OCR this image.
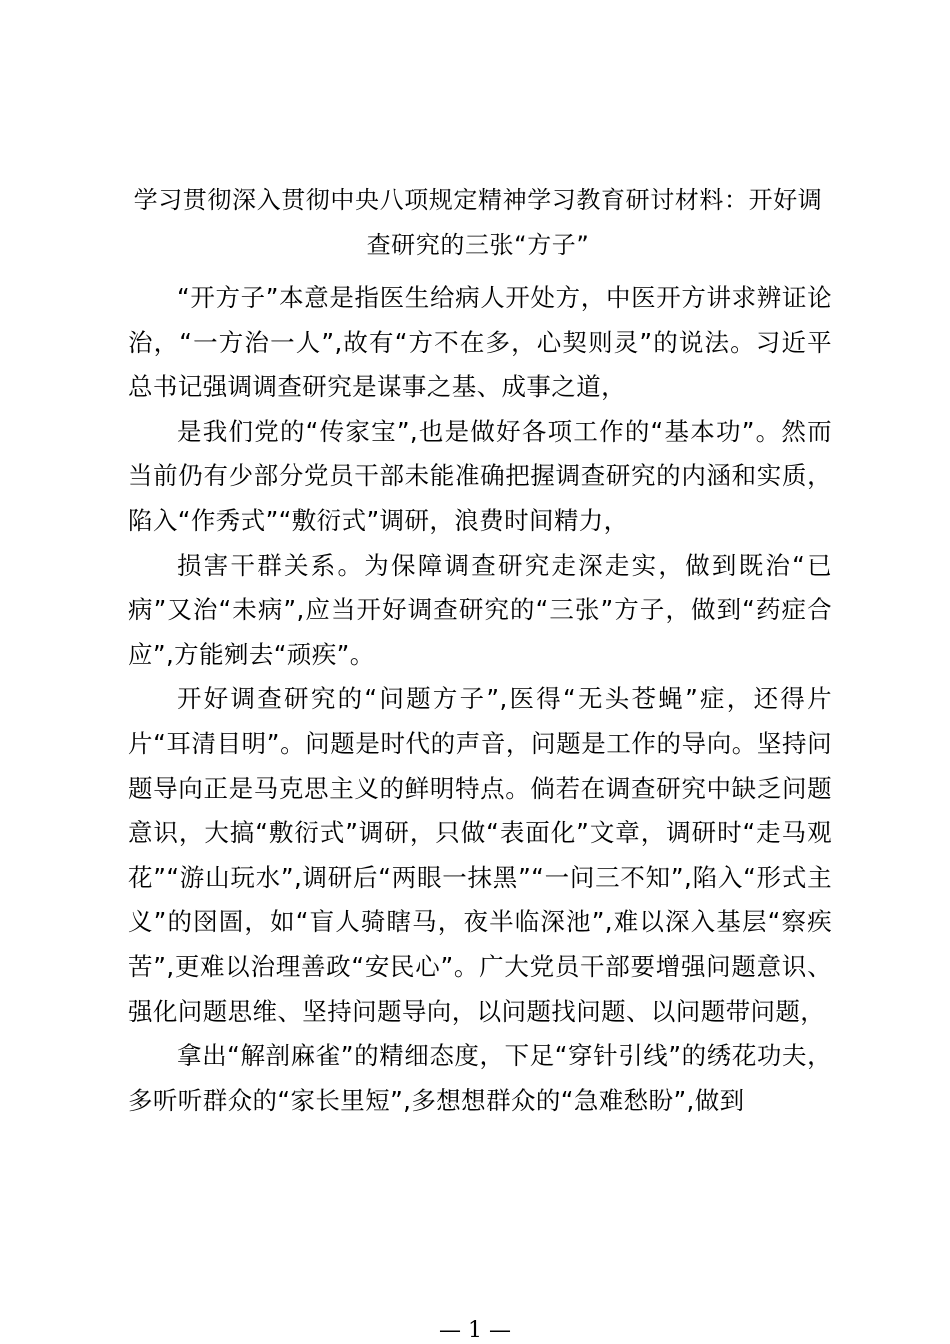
学习贯彻深入贯彻中央八项规定精神学习教育研讨材料：开好调查研究的三张“方子”

“开方子”本意是指医生给病人开处方，中医开方讲求辨证论治，“一方治一人”,故有“方不在多，心契则灵”的说法。习近平总书记强调调查研究是谋事之基、成事之道，

是我们党的“传家宝”,也是做好各项工作的“基本功”。然而当前仍有少部分党员干部未能准确把握调查研究的内涵和实质，陷入“作秀式”“敷衍式”调研，浪费时间精力，

损害干群关系。为保障调查研究走深走实，做到既治“已病”又治“未病”,应当开好调查研究的“三张”方子，做到“药症合应”,方能剜去“顽疾”。

开好调查研究的“问题方子”,医得“无头苍蝇”症，还得片片“耳清目明”。问题是时代的声音，问题是工作的导向。坚持问题导向正是马克思主义的鲜明特点。倘若在调查研究中缺乏问题意识，大搞“敷衍式”调研，只做“表面化”文章，调研时“走马观花”“游山玩水”,调研后“两眼一抹黑”“一问三不知”,陷入“形式主义”的囹圄，如“盲人骑瞎马，夜半临深池”,难以深入基层“察疾苦”,更难以治理善政“安民心”。广大党员干部要增强问题意识、强化问题思维、坚持问题导向，以问题找问题、以问题带问题，

拿出“解剖麻雀”的精细态度，下足“穿针引线”的绣花功夫，多听听群众的“家长里短”,多想想群众的“急难愁盼”,做到

— 1 —
